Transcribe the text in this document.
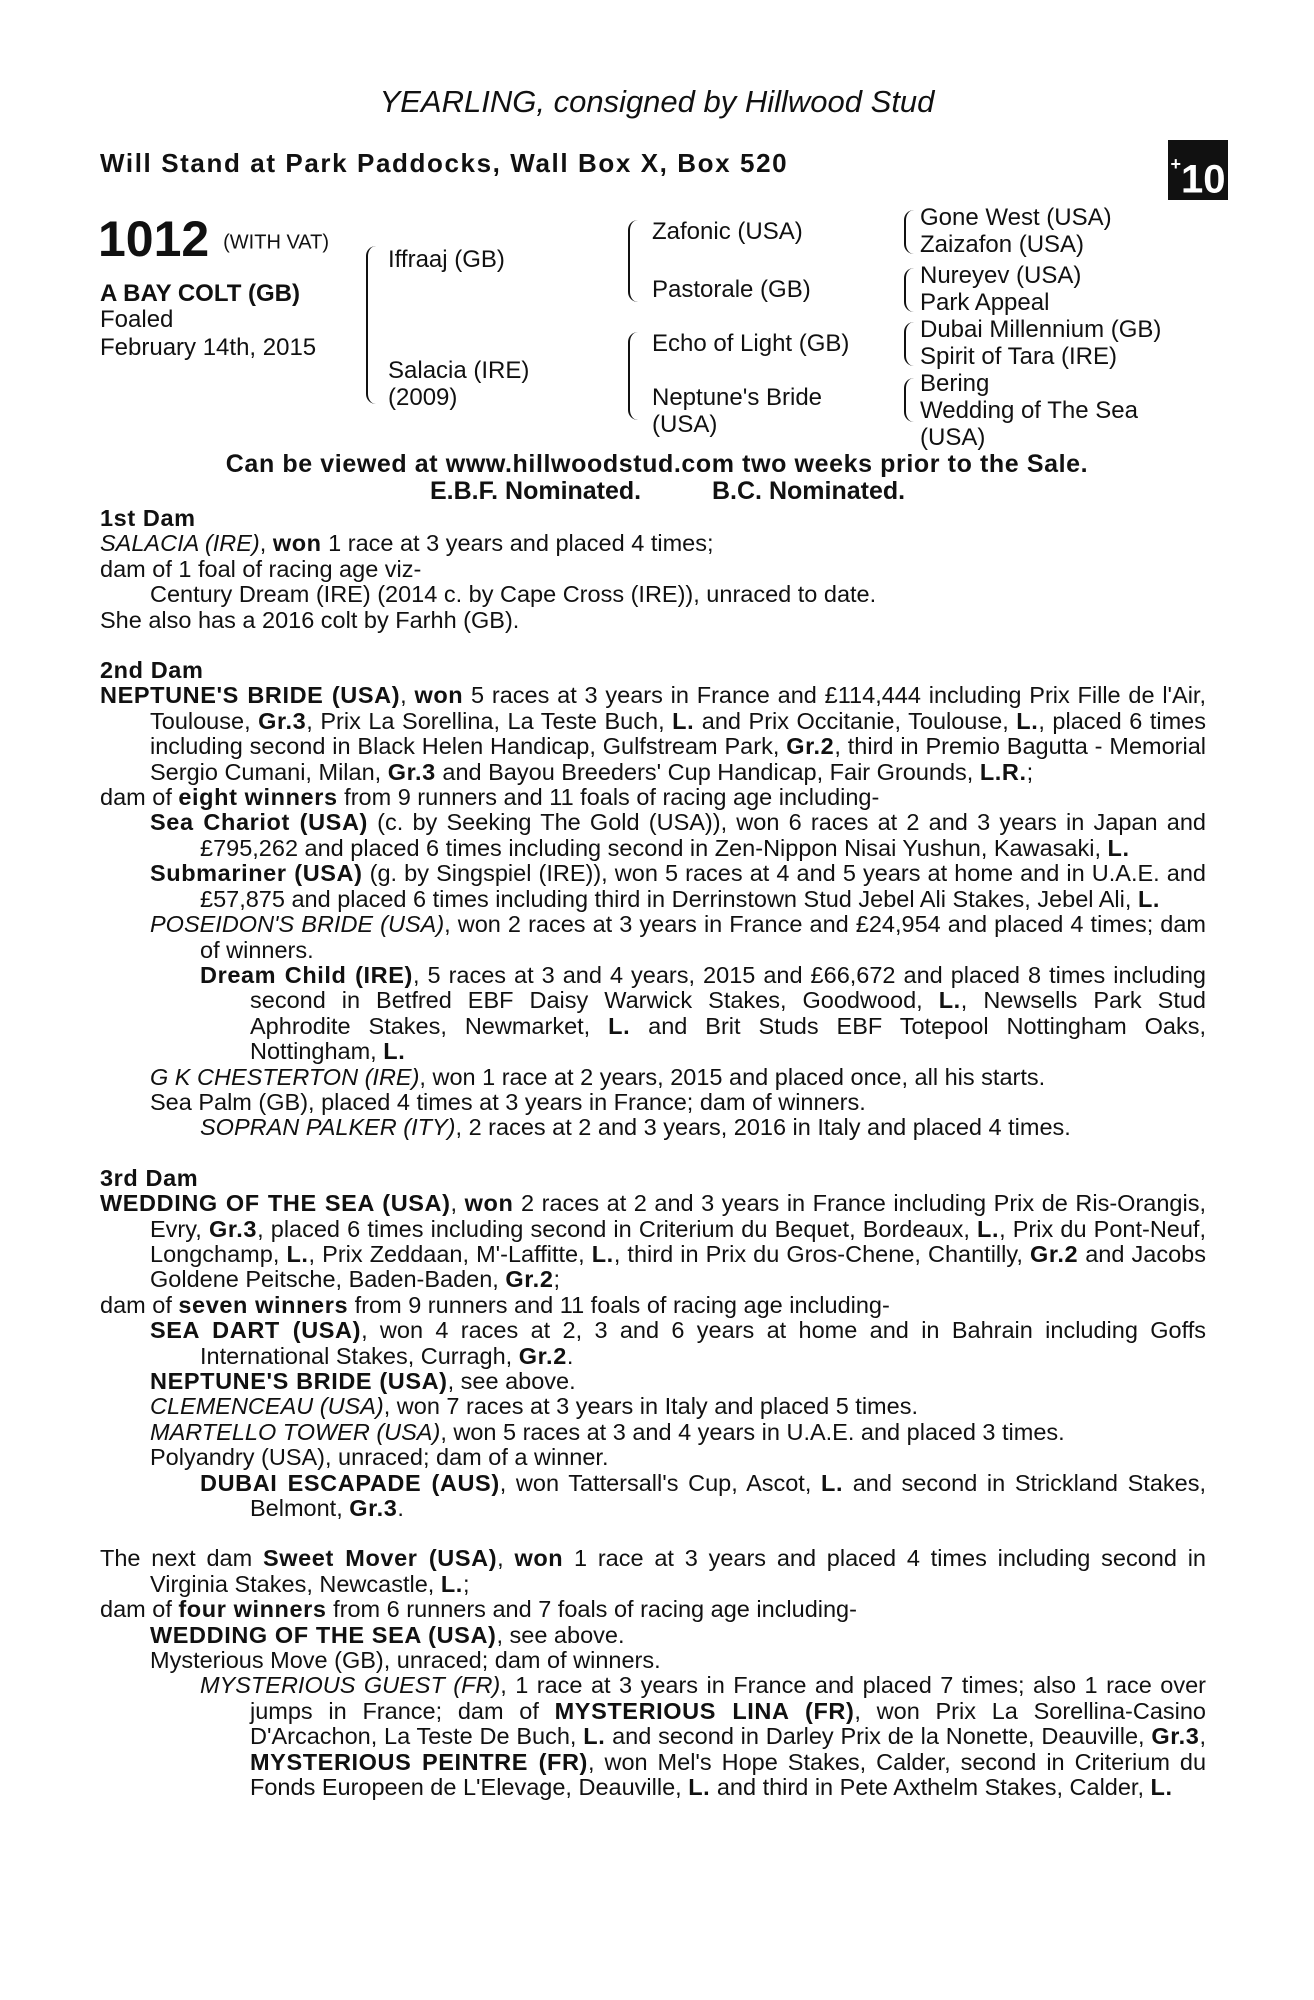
YEARLING, consigned by Hillwood Stud
Will Stand at Park Paddocks, Wall Box X, Box 520	+10
1012 (WITH VAT)
A BAY COLT (GB)
Foaled
February 14th, 2015
Iffraaj (GB)
Salacia (IRE)
(2009)
Zafonic (USA)
Pastorale (GB)
Echo of Light (GB)
Neptune's Bride
(USA)
Gone West (USA)
Zaizafon (USA)
Nureyev (USA)
Park Appeal
Dubai Millennium (GB)
Spirit of Tara (IRE)
Bering
Wedding of The Sea
(USA)
Can be viewed at www.hillwoodstud.com two weeks prior to the Sale.
E.B.F. Nominated.	B.C. Nominated.

1st Dam

SALACIA (IRE), won 1 race at 3 years and placed 4 times;

dam of 1 foal of racing age viz-

Century Dream (IRE) (2014 c. by Cape Cross (IRE)), unraced to date.

She also has a 2016 colt by Farhh (GB).

2nd Dam

NEPTUNE'S BRIDE (USA), won 5 races at 3 years in France and £114,444 including Prix Fille de l'Air, Toulouse, Gr.3, Prix La Sorellina, La Teste Buch, L. and Prix Occitanie, Toulouse, L., placed 6 times including second in Black Helen Handicap, Gulfstream Park, Gr.2, third in Premio Bagutta - Memorial Sergio Cumani, Milan, Gr.3 and Bayou Breeders' Cup Handicap, Fair Grounds, L.R.;

dam of eight winners from 9 runners and 11 foals of racing age including-

Sea Chariot (USA) (c. by Seeking The Gold (USA)), won 6 races at 2 and 3 years in Japan and £795,262 and placed 6 times including second in Zen-Nippon Nisai Yushun, Kawasaki, L.

Submariner (USA) (g. by Singspiel (IRE)), won 5 races at 4 and 5 years at home and in U.A.E. and £57,875 and placed 6 times including third in Derrinstown Stud Jebel Ali Stakes, Jebel Ali, L.

POSEIDON'S BRIDE (USA), won 2 races at 3 years in France and £24,954 and placed 4 times; dam of winners.

Dream Child (IRE), 5 races at 3 and 4 years, 2015 and £66,672 and placed 8 times including second in Betfred EBF Daisy Warwick Stakes, Goodwood, L., Newsells Park Stud Aphrodite Stakes, Newmarket, L. and Brit Studs EBF Totepool Nottingham Oaks, Nottingham, L.

G K CHESTERTON (IRE), won 1 race at 2 years, 2015 and placed once, all his starts.

Sea Palm (GB), placed 4 times at 3 years in France; dam of winners.

SOPRAN PALKER (ITY), 2 races at 2 and 3 years, 2016 in Italy and placed 4 times.

3rd Dam

WEDDING OF THE SEA (USA), won 2 races at 2 and 3 years in France including Prix de Ris-Orangis, Evry, Gr.3, placed 6 times including second in Criterium du Bequet, Bordeaux, L., Prix du Pont-Neuf, Longchamp, L., Prix Zeddaan, M'-Laffitte, L., third in Prix du Gros-Chene, Chantilly, Gr.2 and Jacobs Goldene Peitsche, Baden-Baden, Gr.2;

dam of seven winners from 9 runners and 11 foals of racing age including-

SEA DART (USA), won 4 races at 2, 3 and 6 years at home and in Bahrain including Goffs International Stakes, Curragh, Gr.2.

NEPTUNE'S BRIDE (USA), see above.

CLEMENCEAU (USA), won 7 races at 3 years in Italy and placed 5 times.

MARTELLO TOWER (USA), won 5 races at 3 and 4 years in U.A.E. and placed 3 times.

Polyandry (USA), unraced; dam of a winner.

DUBAI ESCAPADE (AUS), won Tattersall's Cup, Ascot, L. and second in Strickland Stakes, Belmont, Gr.3.

The next dam Sweet Mover (USA), won 1 race at 3 years and placed 4 times including second in Virginia Stakes, Newcastle, L.;

dam of four winners from 6 runners and 7 foals of racing age including-

WEDDING OF THE SEA (USA), see above.

Mysterious Move (GB), unraced; dam of winners.

MYSTERIOUS GUEST (FR), 1 race at 3 years in France and placed 7 times; also 1 race over jumps in France; dam of MYSTERIOUS LINA (FR), won Prix La Sorellina-Casino D'Arcachon, La Teste De Buch, L. and second in Darley Prix de la Nonette, Deauville, Gr.3, MYSTERIOUS PEINTRE (FR), won Mel's Hope Stakes, Calder, second in Criterium du Fonds Europeen de L'Elevage, Deauville, L. and third in Pete Axthelm Stakes, Calder, L.
